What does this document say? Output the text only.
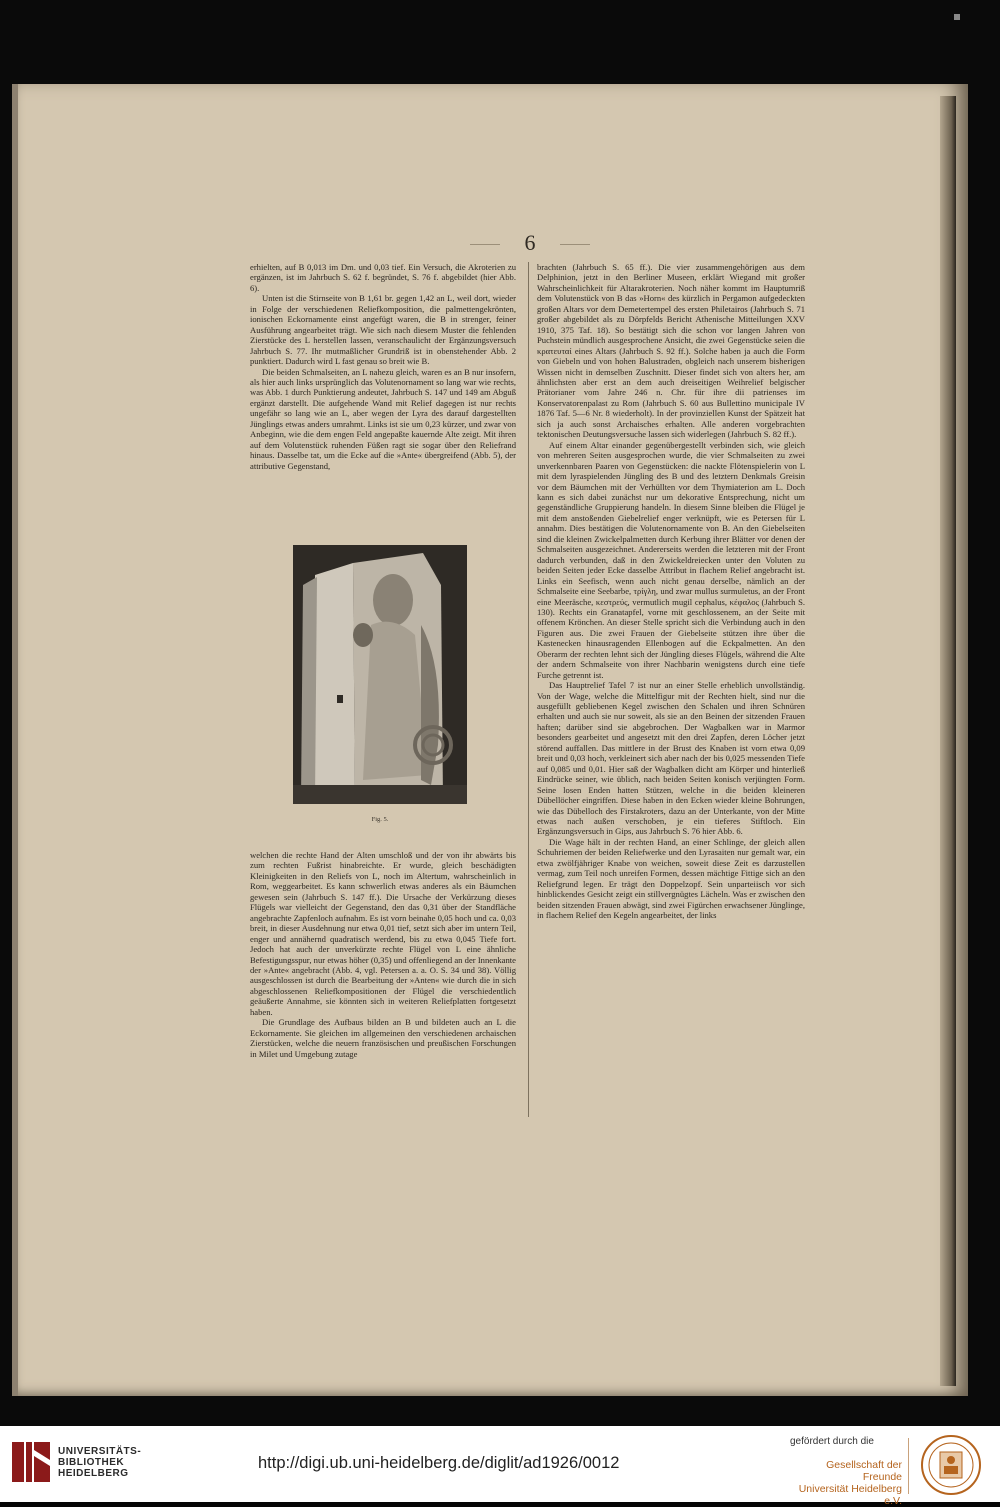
6

erhielten, auf B 0,013 im Dm. und 0,03 tief. Ein Versuch, die Akroterien zu ergänzen, ist im Jahrbuch S. 62 f. begründet, S. 76 f. abgebildet (hier Abb. 6).

Unten ist die Stirnseite von B 1,61 br. gegen 1,42 an L, weil dort, wieder in Folge der verschiedenen Reliefkomposition, die palmettengekrönten, ionischen Eckornamente einst angefügt waren, die B in strenger, feiner Ausführung angearbeitet trägt. Wie sich nach diesem Muster die fehlenden Zierstücke des L herstellen lassen, veranschaulicht der Ergänzungsversuch Jahrbuch S. 77. Ihr mutmaßlicher Grundriß ist in obenstehender Abb. 2 punktiert. Dadurch wird L fast genau so breit wie B.

Die beiden Schmalseiten, an L nahezu gleich, waren es an B nur insofern, als hier auch links ursprünglich das Volutenornament so lang war wie rechts, was Abb. 1 durch Punktierung andeutet, Jahrbuch S. 147 und 149 am Abguß ergänzt darstellt. Die aufgehende Wand mit Relief dagegen ist nur rechts ungefähr so lang wie an L, aber wegen der Lyra des darauf dargestellten Jünglings etwas anders umrahmt. Links ist sie um 0,23 kürzer, und zwar von Anbeginn, wie die dem engen Feld angepaßte kauernde Alte zeigt. Mit ihren auf dem Volutenstück ruhenden Füßen ragt sie sogar über den Reliefrand hinaus. Dasselbe tat, um die Ecke auf die »Ante« übergreifend (Abb. 5), der attributive Gegenstand,

Fig. 5.

welchen die rechte Hand der Alten umschloß und der von ihr abwärts bis zum rechten Fußrist hinabreichte. Er wurde, gleich beschädigten Kleinigkeiten in den Reliefs von L, noch im Altertum, wahrscheinlich in Rom, weggearbeitet. Es kann schwerlich etwas anderes als ein Bäumchen gewesen sein (Jahrbuch S. 147 ff.). Die Ursache der Verkürzung dieses Flügels war vielleicht der Gegenstand, den das 0,31 über der Standfläche angebrachte Zapfenloch aufnahm. Es ist vorn beinahe 0,05 hoch und ca. 0,03 breit, in dieser Ausdehnung nur etwa 0,01 tief, setzt sich aber im untern Teil, enger und annähernd quadratisch werdend, bis zu etwa 0,045 Tiefe fort. Jedoch hat auch der unverkürzte rechte Flügel von L eine ähnliche Befestigungsspur, nur etwas höher (0,35) und offenliegend an der Innenkante der »Ante« angebracht (Abb. 4, vgl. Petersen a. a. O. S. 34 und 38). Völlig ausgeschlossen ist durch die Bearbeitung der »Anten« wie durch die in sich abgeschlossenen Reliefkompositionen der Flügel die verschiedentlich geäußerte Annahme, sie könnten sich in weiteren Reliefplatten fortgesetzt haben.

Die Grundlage des Aufbaus bilden an B und bildeten auch an L die Eckornamente. Sie gleichen im allgemeinen den verschiedenen archaischen Zierstücken, welche die neuern französischen und preußischen Forschungen in Milet und Umgebung zutage

brachten (Jahrbuch S. 65 ff.). Die vier zusammengehörigen aus dem Delphinion, jetzt in den Berliner Museen, erklärt Wiegand mit großer Wahrscheinlichkeit für Altarakroterien. Noch näher kommt im Hauptumriß dem Volutenstück von B das »Horn« des kürzlich in Pergamon aufgedeckten großen Altars vor dem Demetertempel des ersten Philetairos (Jahrbuch S. 71 großer abgebildet als zu Dörpfelds Bericht Athenische Mitteilungen XXV 1910, 375 Taf. 18). So bestätigt sich die schon vor langen Jahren von Puchstein mündlich ausgesprochene Ansicht, die zwei Gegenstücke seien die κρατευταί eines Altars (Jahrbuch S. 92 ff.). Solche haben ja auch die Form von Giebeln und von hohen Balustraden, obgleich nach unserem bisherigen Wissen nicht in demselben Zuschnitt. Dieser findet sich von alters her, am ähnlichsten aber erst an dem auch dreiseitigen Weihrelief belgischer Prätorianer vom Jahre 246 n. Chr. für ihre dii patrienses im Konservatorenpalast zu Rom (Jahrbuch S. 60 aus Bullettino municipale IV 1876 Taf. 5—6 Nr. 8 wiederholt). In der provinziellen Kunst der Spätzeit hat sich ja auch sonst Archaisches erhalten. Alle anderen vorgebrachten tektonischen Deutungsversuche lassen sich widerlegen (Jahrbuch S. 82 ff.).

Auf einem Altar einander gegenübergestellt verbinden sich, wie gleich von mehreren Seiten ausgesprochen wurde, die vier Schmalseiten zu zwei unverkennbaren Paaren von Gegenstücken: die nackte Flötenspielerin von L mit dem lyraspielenden Jüngling des B und des letztern Denkmals Greisin vor dem Bäumchen mit der Verhüllten vor dem Thymiaterion am L. Doch kann es sich dabei zunächst nur um dekorative Entsprechung, nicht um gegenständliche Gruppierung handeln. In diesem Sinne bleiben die Flügel je mit dem anstoßenden Giebelrelief enger verknüpft, wie es Petersen für L annahm. Dies bestätigen die Volutenornamente von B. An den Giebelseiten sind die kleinen Zwickelpalmetten durch Kerbung ihrer Blätter vor denen der Schmalseiten ausgezeichnet. Andererseits werden die letzteren mit der Front dadurch verbunden, daß in den Zwickeldreiecken unter den Voluten zu beiden Seiten jeder Ecke dasselbe Attribut in flachem Relief angebracht ist. Links ein Seefisch, wenn auch nicht genau derselbe, nämlich an der Schmalseite eine Seebarbe, τρίγλη, und zwar mullus surmuletus, an der Front eine Meeräsche, κεστρεύς, vermutlich mugil cephalus, κέφαλος (Jahrbuch S. 130). Rechts ein Granatapfel, vorne mit geschlossenem, an der Seite mit offenem Krönchen. An dieser Stelle spricht sich die Verbindung auch in den Figuren aus. Die zwei Frauen der Giebelseite stützen ihre über die Kastenecken hinausragenden Ellenbogen auf die Eckpalmetten. An den Oberarm der rechten lehnt sich der Jüngling dieses Flügels, während die Alte der andern Schmalseite von ihrer Nachbarin wenigstens durch eine tiefe Furche getrennt ist.

Das Hauptrelief Tafel 7 ist nur an einer Stelle erheblich unvollständig. Von der Wage, welche die Mittelfigur mit der Rechten hielt, sind nur die ausgefüllt gebliebenen Kegel zwischen den Schalen und ihren Schnüren erhalten und auch sie nur soweit, als sie an den Beinen der sitzenden Frauen haften; darüber sind sie abgebrochen. Der Wagbalken war in Marmor besonders gearbeitet und angesetzt mit den drei Zapfen, deren Löcher jetzt störend auffallen. Das mittlere in der Brust des Knaben ist vorn etwa 0,09 breit und 0,03 hoch, verkleinert sich aber nach der bis 0,025 messenden Tiefe auf 0,085 und 0,01. Hier saß der Wagbalken dicht am Körper und hinterließ Eindrücke seiner, wie üblich, nach beiden Seiten konisch verjüngten Form. Seine losen Enden hatten Stützen, welche in die beiden kleineren Dübellöcher eingriffen. Diese haben in den Ecken wieder kleine Bohrungen, wie das Dübelloch des Firstakroters, dazu an der Unterkante, von der Mitte etwas nach außen verschoben, je ein tieferes Stiftloch. Ein Ergänzungsversuch in Gips, aus Jahrbuch S. 76 hier Abb. 6.

Die Wage hält in der rechten Hand, an einer Schlinge, der gleich allen Schuhriemen der beiden Reliefwerke und den Lyrasaiten nur gemalt war, ein etwa zwölfjähriger Knabe von weichen, soweit diese Zeit es darzustellen vermag, zum Teil noch unreifen Formen, dessen mächtige Fittige sich an den Reliefgrund legen. Er trägt den Doppelzopf. Sein unparteiisch vor sich hinblickendes Gesicht zeigt ein stillvergnügtes Lächeln. Was er zwischen den beiden sitzenden Frauen abwägt, sind zwei Figürchen erwachsener Jünglinge, in flachem Relief den Kegeln angearbeitet, der links

UNIVERSITÄTS-
BIBLIOTHEK
HEIDELBERG
http://digi.ub.uni-heidelberg.de/diglit/ad1926/0012
gefördert durch die
Gesellschaft der Freunde
Universität Heidelberg e.V.
